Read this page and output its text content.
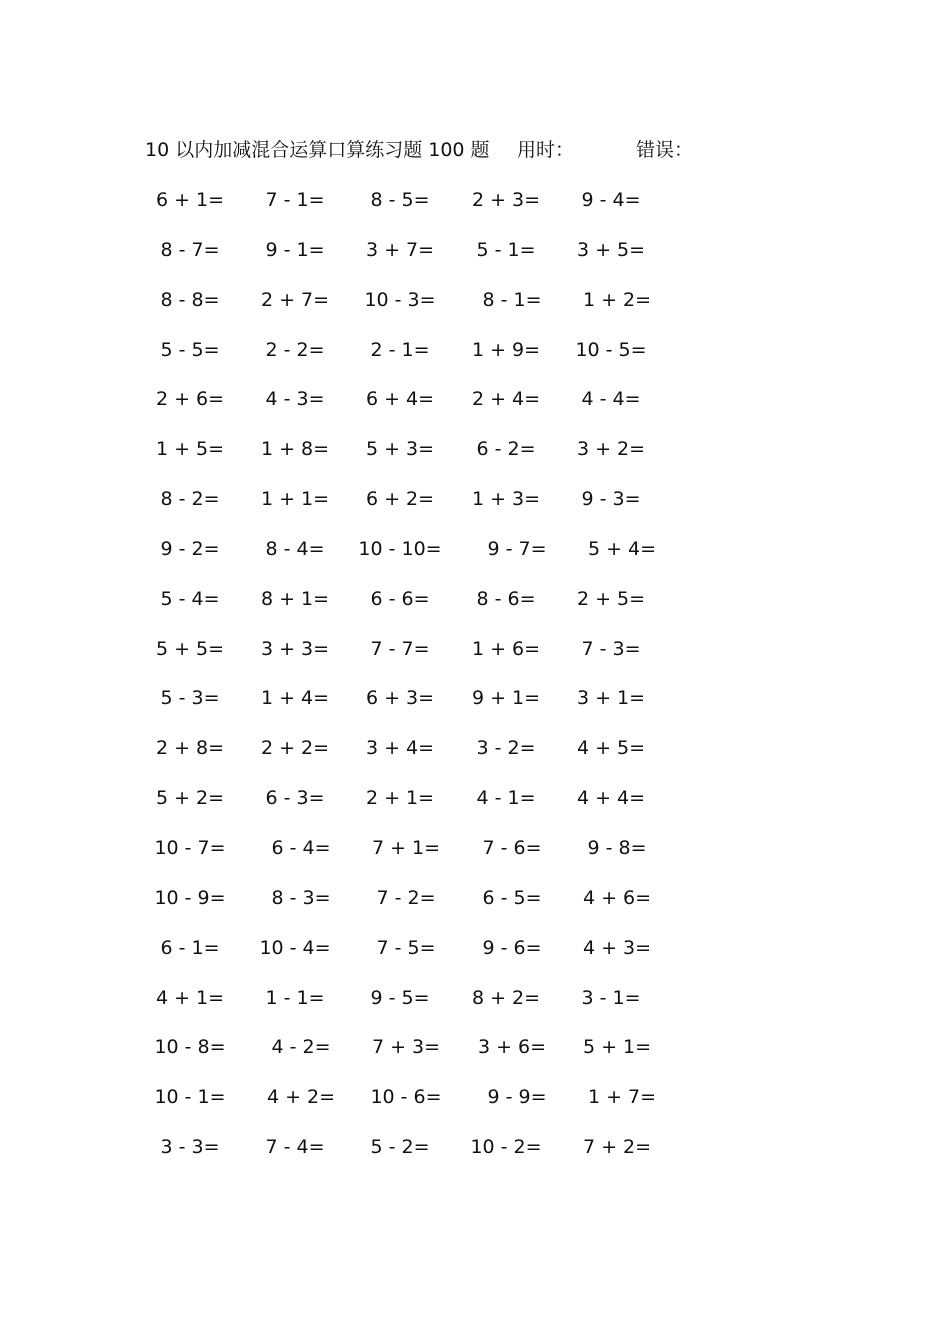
10 以内加减混合运算口算练习题 100 题 用时：	错误：
6 + 1=	7 - 1=	8 - 5=	2 + 3=	9 - 4=
8 - 7=	9 - 1=	3 + 7=	5 - 1=	3 + 5=
8 - 8=	2 + 7=	10 - 3=	8 - 1=	1 + 2=
5 - 5=	2 - 2=	2 - 1=	1 + 9=	10 - 5=
2 + 6=	4 - 3=	6 + 4=	2 + 4=	4 - 4=
1 + 5=	1 + 8=	5 + 3=	6 - 2=	3 + 2=
8 - 2=	1 + 1=	6 + 2=	1 + 3=	9 - 3=
9 - 2=	8 - 4=	10 - 10=	9 - 7=	5 + 4=
5 - 4=	8 + 1=	6 - 6=	8 - 6=	2 + 5=
5 + 5=	3 + 3=	7 - 7=	1 + 6=	7 - 3=
5 - 3=	1 + 4=	6 + 3=	9 + 1=	3 + 1=
2 + 8=	2 + 2=	3 + 4=	3 - 2=	4 + 5=
5 + 2=	6 - 3=	2 + 1=	4 - 1=	4 + 4=
10 - 7=	6 - 4=	7 + 1=	7 - 6=	9 - 8=
10 - 9=	8 - 3=	7 - 2=	6 - 5=	4 + 6=
6 - 1=	10 - 4=	7 - 5=	9 - 6=	4 + 3=
4 + 1=	1 - 1=	9 - 5=	8 + 2=	3 - 1=
10 - 8=	4 - 2=	7 + 3=	3 + 6=	5 + 1=
10 - 1=	4 + 2=	10 - 6=	9 - 9=	1 + 7=
3 - 3=	7 - 4=	5 - 2=	10 - 2=	7 + 2=
